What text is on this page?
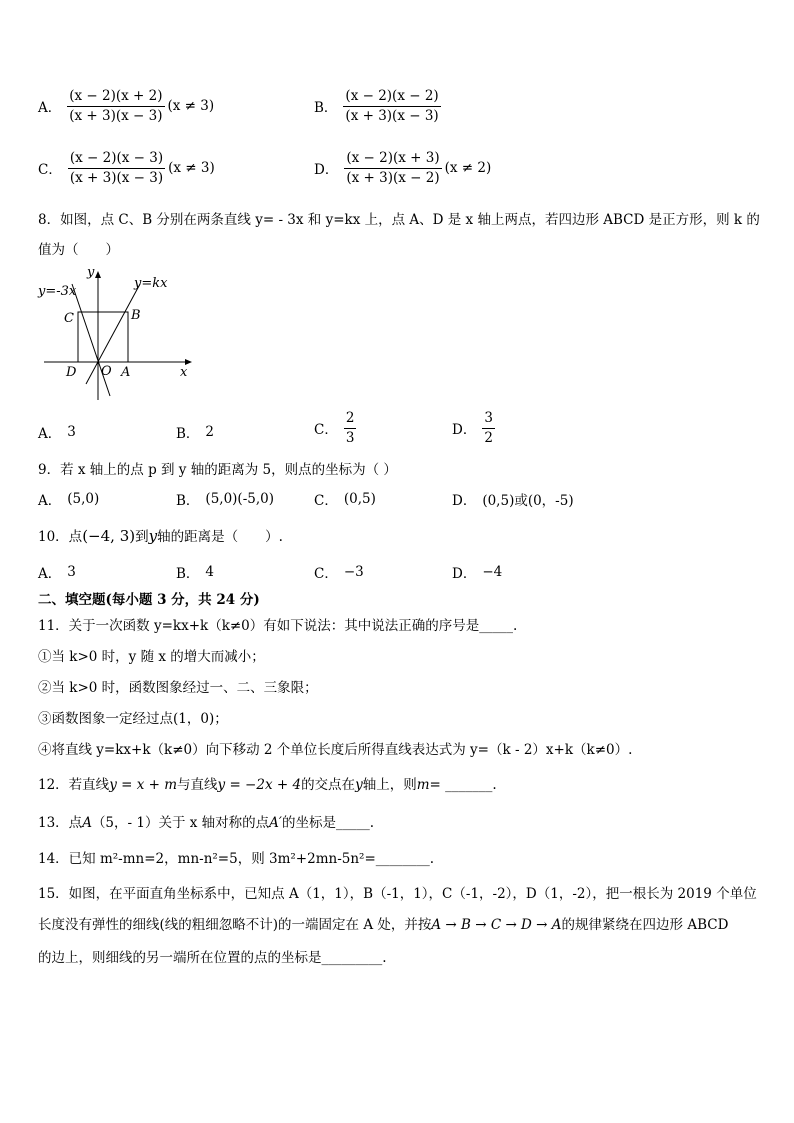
A． $\frac{(x - 2)(x + 2)}{(x + 3)(x - 3)} (x \ne 3)$	B． $\frac{(x - 2)(x - 2)}{(x + 3)(x - 3)}$
C． $\frac{(x - 2)(x - 3)}{(x + 3)(x - 3)} (x \ne 3)$	D． $\frac{(x - 2)(x + 3)}{(x + 3)(x - 2)} (x \ne 2)$
8．如图，点 C、B 分别在两条直线 y= - 3x 和 y=kx 上，点 A、D 是 x 轴上两点，若四边形 ABCD 是正方形，则 k 的
值为（　　）
y=-3x
y=kx
y
x
C	B
D O A
A． 3	B． 2	C． $\frac{2}{3}$	D． $\frac{3}{2}$
9．若 x 轴上的点 p 到 y 轴的距离为 5，则点的坐标为（ ）
A． (5,0)	B． (5,0)(-5,0)	C． (0,5)	D． (0,5)或(0，-5)
10．点(−4, 3)到y轴的距离是（　　）.
A． 3	B． 4	C． −3	D． −4
二、填空题(每小题 3 分，共 24 分)
11．关于一次函数 y=kx+k（k≠0）有如下说法：其中说法正确的序号是_____.
①当 k>0 时，y 随 x 的增大而减小；
②当 k>0 时，函数图象经过一、二、三象限；
③函数图象一定经过点(1，0)；
④将直线 y=kx+k（k≠0）向下移动 2 个单位长度后所得直线表达式为 y=（k - 2）x+k（k≠0）.
12．若直线y = x + m与直线y = −2x + 4的交点在y轴上，则m= _______.
13．点A（5，- 1）关于 x 轴对称的点A′的坐标是_____.
14．已知 m²-mn=2，mn-n²=5，则 3m²+2mn-5n²=________.
15．如图，在平面直角坐标系中，已知点 A（1，1），B（-1，1），C（-1，-2），D（1，-2），把一根长为 2019 个单位
长度没有弹性的细线(线的粗细忽略不计)的一端固定在 A 处，并按A → B → C → D → A的规律紧绕在四边形 ABCD
的边上，则细线的另一端所在位置的点的坐标是_________.
